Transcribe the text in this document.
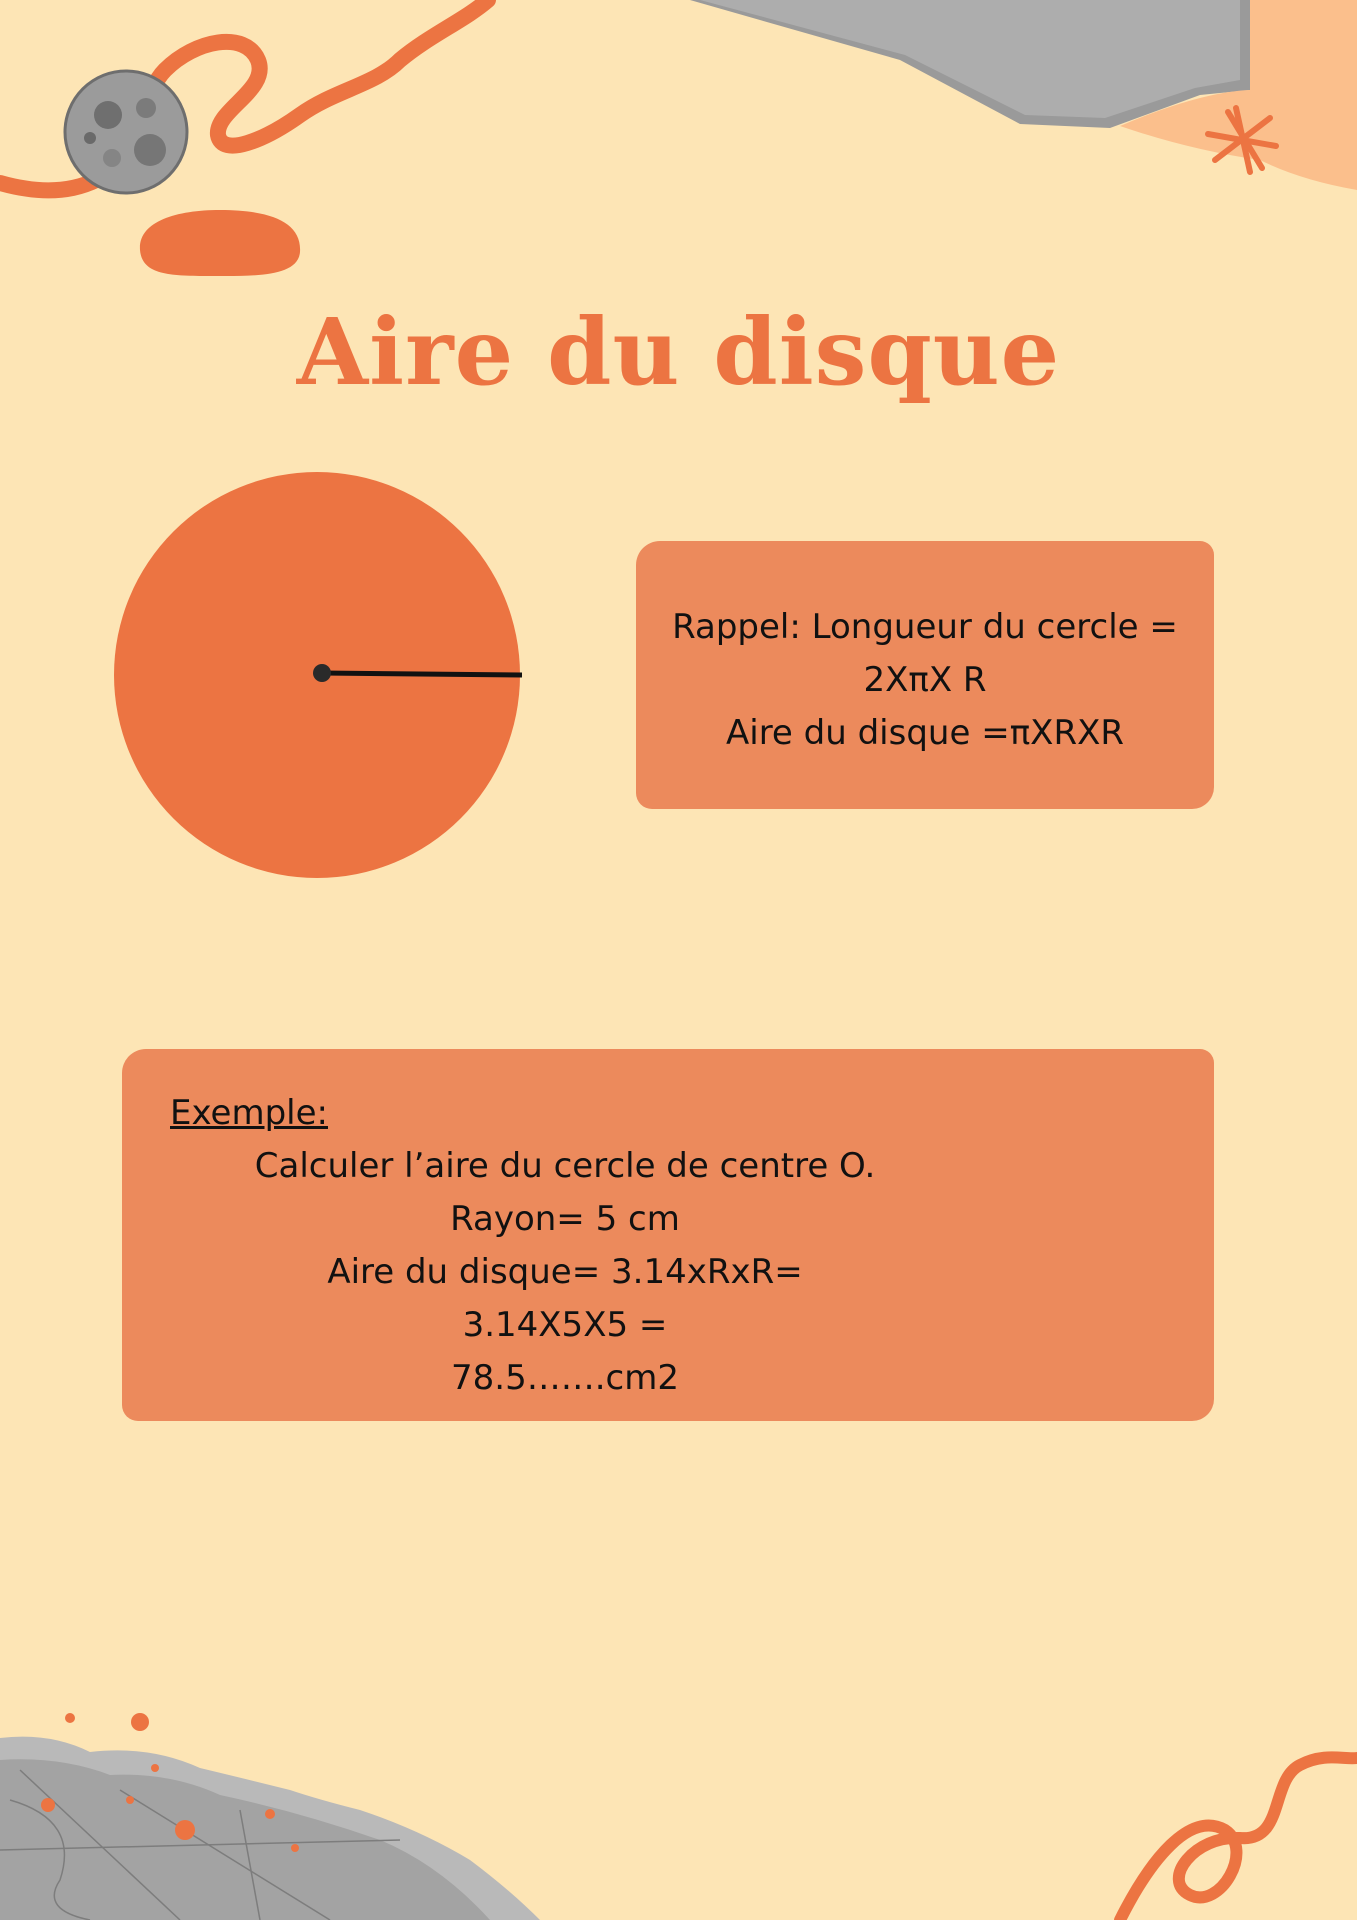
Aire du disque
Rappel: Longueur du cercle =
2XπX R
Aire du disque =πXRXR
Exemple:
Calculer l’aire du cercle de centre O.
Rayon= 5 cm
Aire du disque= 3.14xRxR=
3.14X5X5 =
78.5…….cm2
